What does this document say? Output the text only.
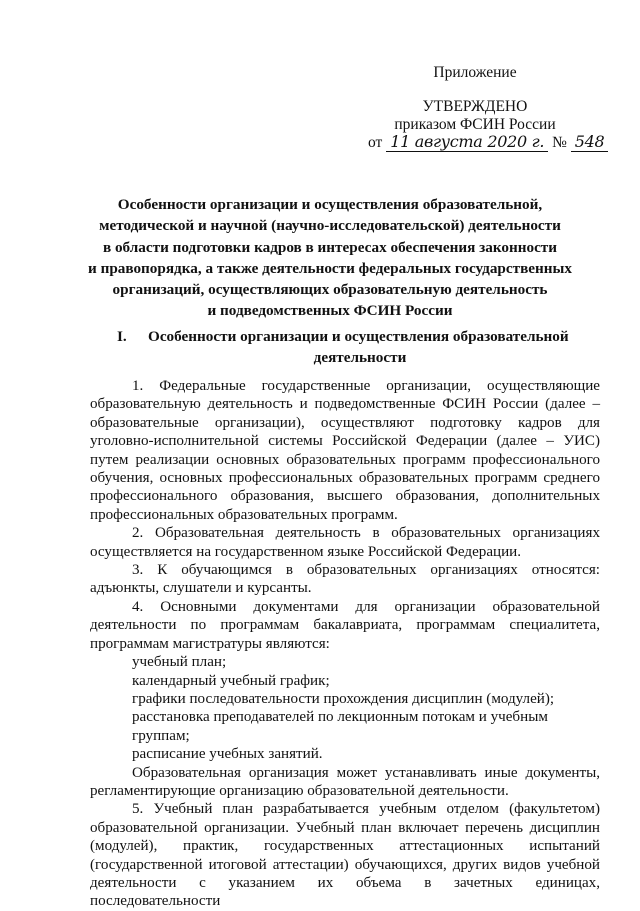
Приложение
УТВЕРЖДЕНО
приказом ФСИН России
от 11 августа 2020 г. № 548
Особенности организации и осуществления образовательной,
методической и научной (научно-исследовательской) деятельности
в области подготовки кадров в интересах обеспечения законности
и правопорядка, а также деятельности федеральных государственных
организаций, осуществляющих образовательную деятельность
и подведомственных ФСИН России
I. Особенности организации и осуществления образовательной
деятельности

1. Федеральные государственные организации, осуществляющие образовательную деятельность и подведомственные ФСИН России (далее – образовательные организации), осуществляют подготовку кадров для уголовно-исполнительной системы Российской Федерации (далее – УИС) путем реализации основных образовательных программ профессионального обучения, основных профессиональных образовательных программ среднего профессионального образования, высшего образования, дополнительных профессиональных образовательных программ.

2. Образовательная деятельность в образовательных организациях осуществляется на государственном языке Российской Федерации.

3. К обучающимся в образовательных организациях относятся: адъюнкты, слушатели и курсанты.

4. Основными документами для организации образовательной деятельности по программам бакалавриата, программам специалитета, программам магистратуры являются:

учебный план;

календарный учебный график;

графики последовательности прохождения дисциплин (модулей);

расстановка преподавателей по лекционным потокам и учебным группам;

расписание учебных занятий.

Образовательная организация может устанавливать иные документы, регламентирующие организацию образовательной деятельности.

5. Учебный план разрабатывается учебным отделом (факультетом) образовательной организации. Учебный план включает перечень дисциплин (модулей), практик, государственных аттестационных испытаний (государственной итоговой аттестации) обучающихся, других видов учебной деятельности с указанием их объема в зачетных единицах, последовательности
